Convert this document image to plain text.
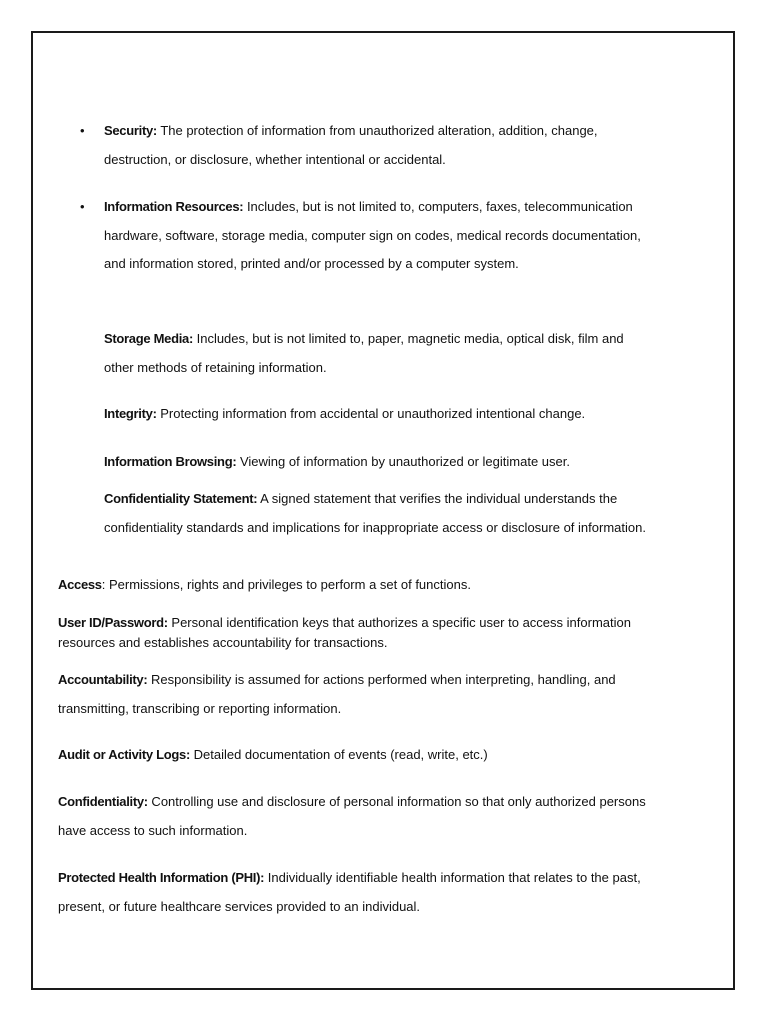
• Security: The protection of information from unauthorized alteration, addition, change, destruction, or disclosure, whether intentional or accidental.

• Information Resources: Includes, but is not limited to, computers, faxes, telecommunication hardware, software, storage media, computer sign on codes, medical records documentation, and information stored, printed and/or processed by a computer system.

Storage Media: Includes, but is not limited to, paper, magnetic media, optical disk, film and other methods of retaining information.

Integrity: Protecting information from accidental or unauthorized intentional change.

Information Browsing: Viewing of information by unauthorized or legitimate user.

Confidentiality Statement: A signed statement that verifies the individual understands the confidentiality standards and implications for inappropriate access or disclosure of information.

Access: Permissions, rights and privileges to perform a set of functions.

User ID/Password: Personal identification keys that authorizes a specific user to access information resources and establishes accountability for transactions.

Accountability: Responsibility is assumed for actions performed when interpreting, handling, and transmitting, transcribing or reporting information.

Audit or Activity Logs: Detailed documentation of events (read, write, etc.)

Confidentiality: Controlling use and disclosure of personal information so that only authorized persons have access to such information.

Protected Health Information (PHI): Individually identifiable health information that relates to the past, present, or future healthcare services provided to an individual.
